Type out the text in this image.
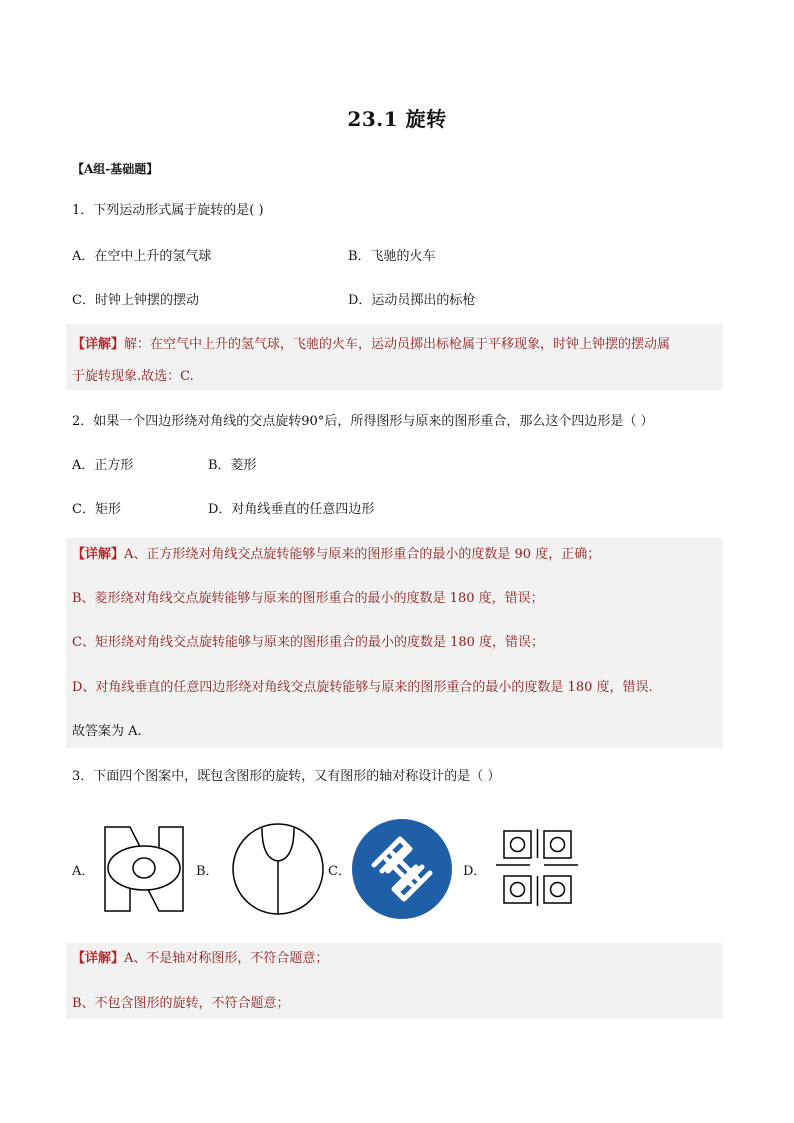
23.1 旋转
【A组-基础题】
1．下列运动形式属于旋转的是( )
A．在空中上升的氢气球	B．飞驰的火车
C．时钟上钟摆的摆动	D．运动员掷出的标枪
【详解】解：在空气中上升的氢气球，飞驰的火车，运动员掷出标枪属于平移现象，时钟上钟摆的摆动属
于旋转现象.故选：C.
2．如果一个四边形绕对角线的交点旋转90°后，所得图形与原来的图形重合，那么这个四边形是（ ）
A．正方形	B．菱形
C．矩形	D．对角线垂直的任意四边形
【详解】A、正方形绕对角线交点旋转能够与原来的图形重合的最小的度数是 90 度，正确；
B、菱形绕对角线交点旋转能够与原来的图形重合的最小的度数是 180 度，错误；
C、矩形绕对角线交点旋转能够与原来的图形重合的最小的度数是 180 度，错误；
D、对角线垂直的任意四边形绕对角线交点旋转能够与原来的图形重合的最小的度数是 180 度，错误.
故答案为 A.
3．下面四个图案中，既包含图形的旋转，又有图形的轴对称设计的是（ ）
A．	B．	C．	D．
【详解】A、不是轴对称图形，不符合题意；
B、不包含图形的旋转，不符合题意；
